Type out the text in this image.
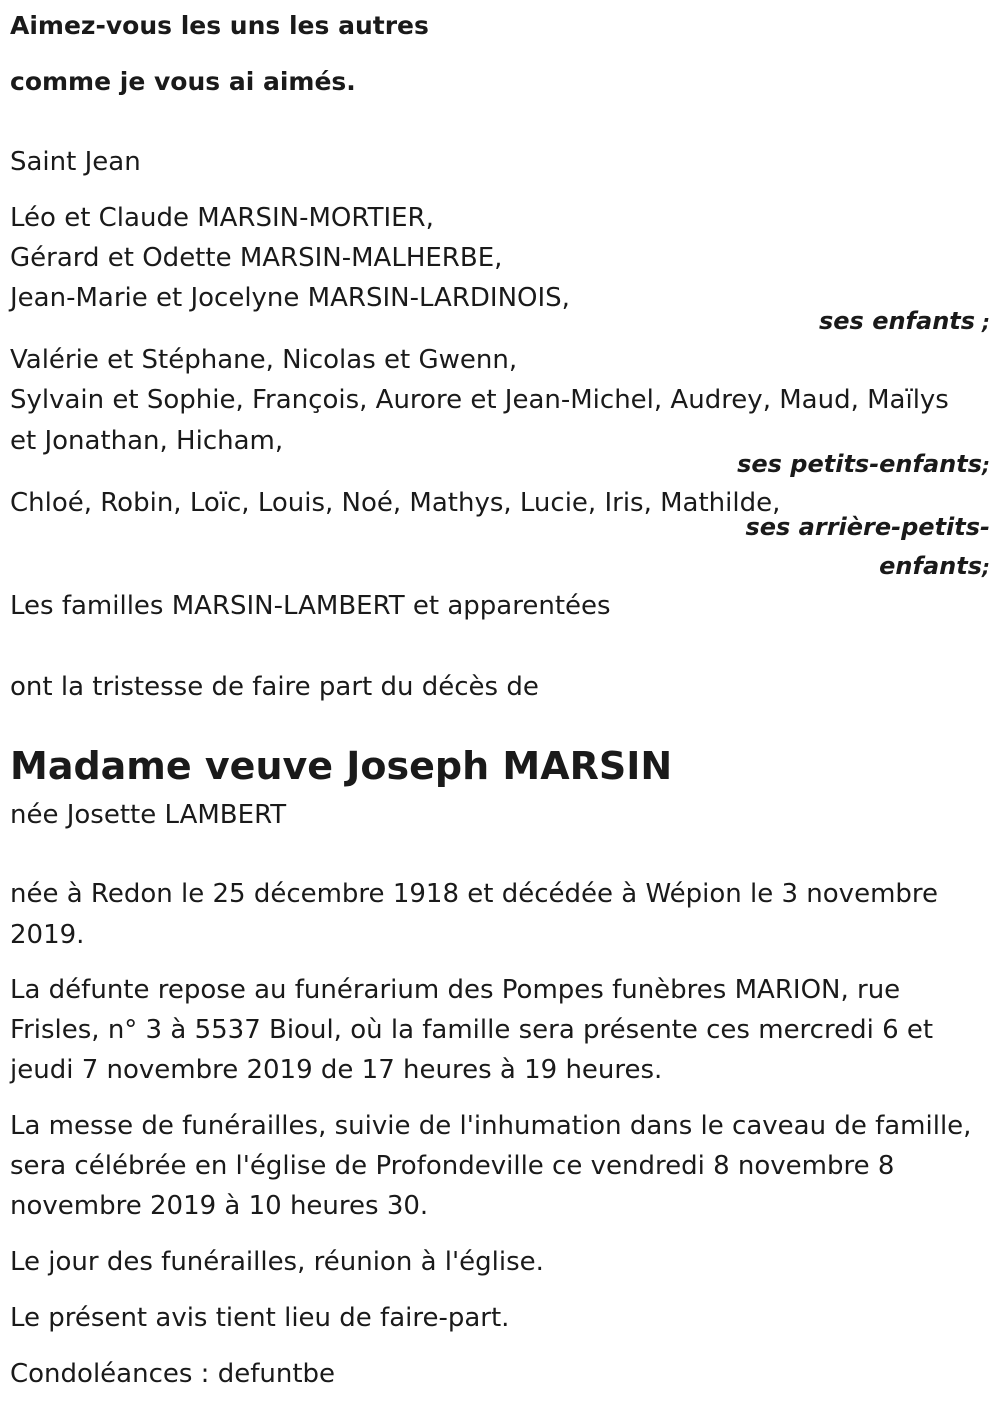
Aimez-vous les uns les autres

comme je vous ai aimés.

Saint Jean

Léo et Claude MARSIN-MORTIER,

Gérard et Odette MARSIN-MALHERBE,

Jean-Marie et Jocelyne MARSIN-LARDINOIS,

ses enfants ;

Valérie et Stéphane, Nicolas et Gwenn,

Sylvain et Sophie, François, Aurore et Jean-Michel, Audrey, Maud, Maïlys

et Jonathan, Hicham,

ses petits-enfants;

Chloé, Robin, Loïc, Louis, Noé, Mathys, Lucie, Iris, Mathilde,

ses arrière-petits-
enfants;

Les familles MARSIN-LAMBERT et apparentées

ont la tristesse de faire part du décès de

Madame veuve Joseph MARSIN

née Josette LAMBERT

née à Redon le 25 décembre 1918 et décédée à Wépion le 3 novembre

2019.

La défunte repose au funérarium des Pompes funèbres MARION, rue

Frisles, n° 3 à 5537 Bioul, où la famille sera présente ces mercredi 6 et

jeudi 7 novembre 2019 de 17 heures à 19 heures.

La messe de funérailles, suivie de l'inhumation dans le caveau de famille,

sera célébrée en l'église de Profondeville ce vendredi 8 novembre 8

novembre 2019 à 10 heures 30.

Le jour des funérailles, réunion à l'église.

Le présent avis tient lieu de faire-part.

Condoléances : defuntbe
